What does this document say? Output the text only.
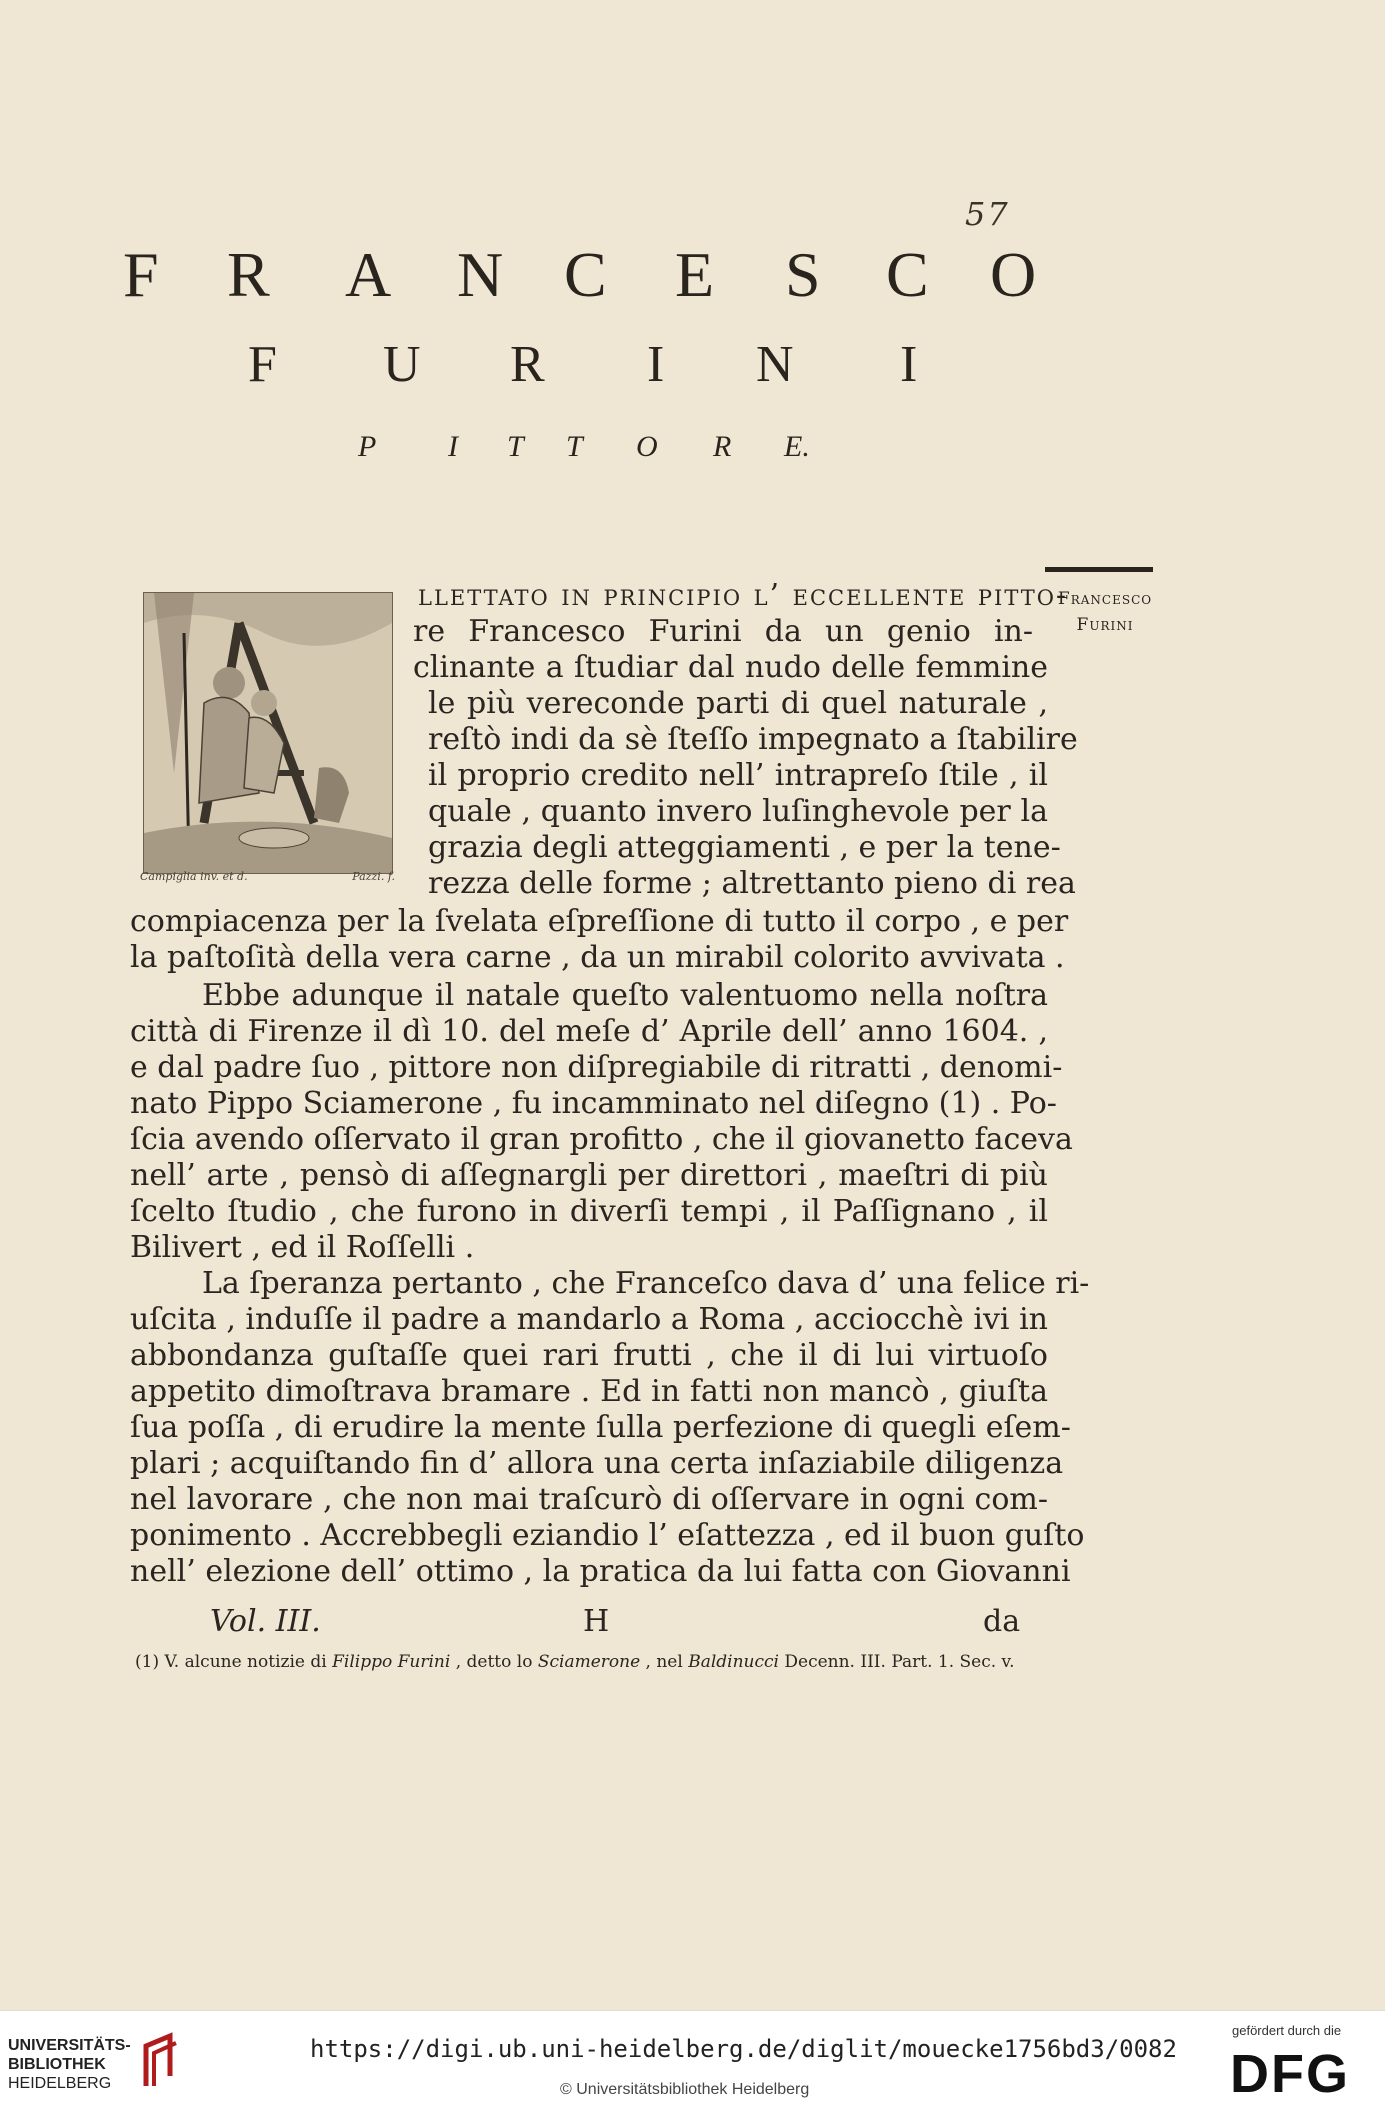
57
F R A N C E S C O
F U R I N I
P I T T O R E.
Francesco
Furini
Campiglia inv. et d.	Pazzi. f.
llettato in principio l’ eccellente pitto-
re Francesco Furini da un genio in-
clinante a ſtudiar dal nudo delle femmine
le più vereconde parti di quel naturale ,
reſtò indi da sè ſteſſo impegnato a ſtabilire
il proprio credito nell’ intrapreſo ſtile , il
quale , quanto invero luſinghevole per la
grazia degli atteggiamenti , e per la tene-
rezza delle forme ; altrettanto pieno di rea
compiacenza per la ſvelata eſpreſſione di tutto il corpo , e per
la paſtoſità della vera carne , da un mirabil colorito avvivata .
Ebbe adunque il natale queſto valentuomo nella noſtra
città di Firenze il dì 10. del meſe d’ Aprile dell’ anno 1604. ,
e dal padre ſuo , pittore non diſpregiabile di ritratti , denomi-
nato Pippo Sciamerone , fu incamminato nel diſegno (1) . Po-
ſcia avendo oſſervato il gran profitto , che il giovanetto faceva
nell’ arte , pensò di aſſegnargli per direttori , maeſtri di più
ſcelto ſtudio , che furono in diverſi tempi , il Paſſignano , il
Bilivert , ed il Roſſelli .
La ſperanza pertanto , che Franceſco dava d’ una felice ri-
uſcita , induſſe il padre a mandarlo a Roma , acciocchè ivi in
abbondanza guſtaſſe quei rari frutti , che il di lui virtuoſo
appetito dimoſtrava bramare . Ed in fatti non mancò , giuſta
ſua poſſa , di erudire la mente ſulla perfezione di quegli eſem-
plari ; acquiſtando fin d’ allora una certa inſaziabile diligenza
nel lavorare , che non mai traſcurò di oſſervare in ogni com-
ponimento . Accrebbegli eziandio l’ eſattezza , ed il buon guſto
nell’ elezione dell’ ottimo , la pratica da lui fatta con Giovanni
Vol. III.	H	da
(1) V. alcune notizie di Filippo Furini , detto lo Sciamerone , nel Baldinucci Decenn. III. Part. 1. Sec. v.
UNIVERSITÄTS-
BIBLIOTHEK
HEIDELBERG
https://digi.ub.uni-heidelberg.de/diglit/mouecke1756bd3/0082
© Universitätsbibliothek Heidelberg
gefördert durch die
DFG
